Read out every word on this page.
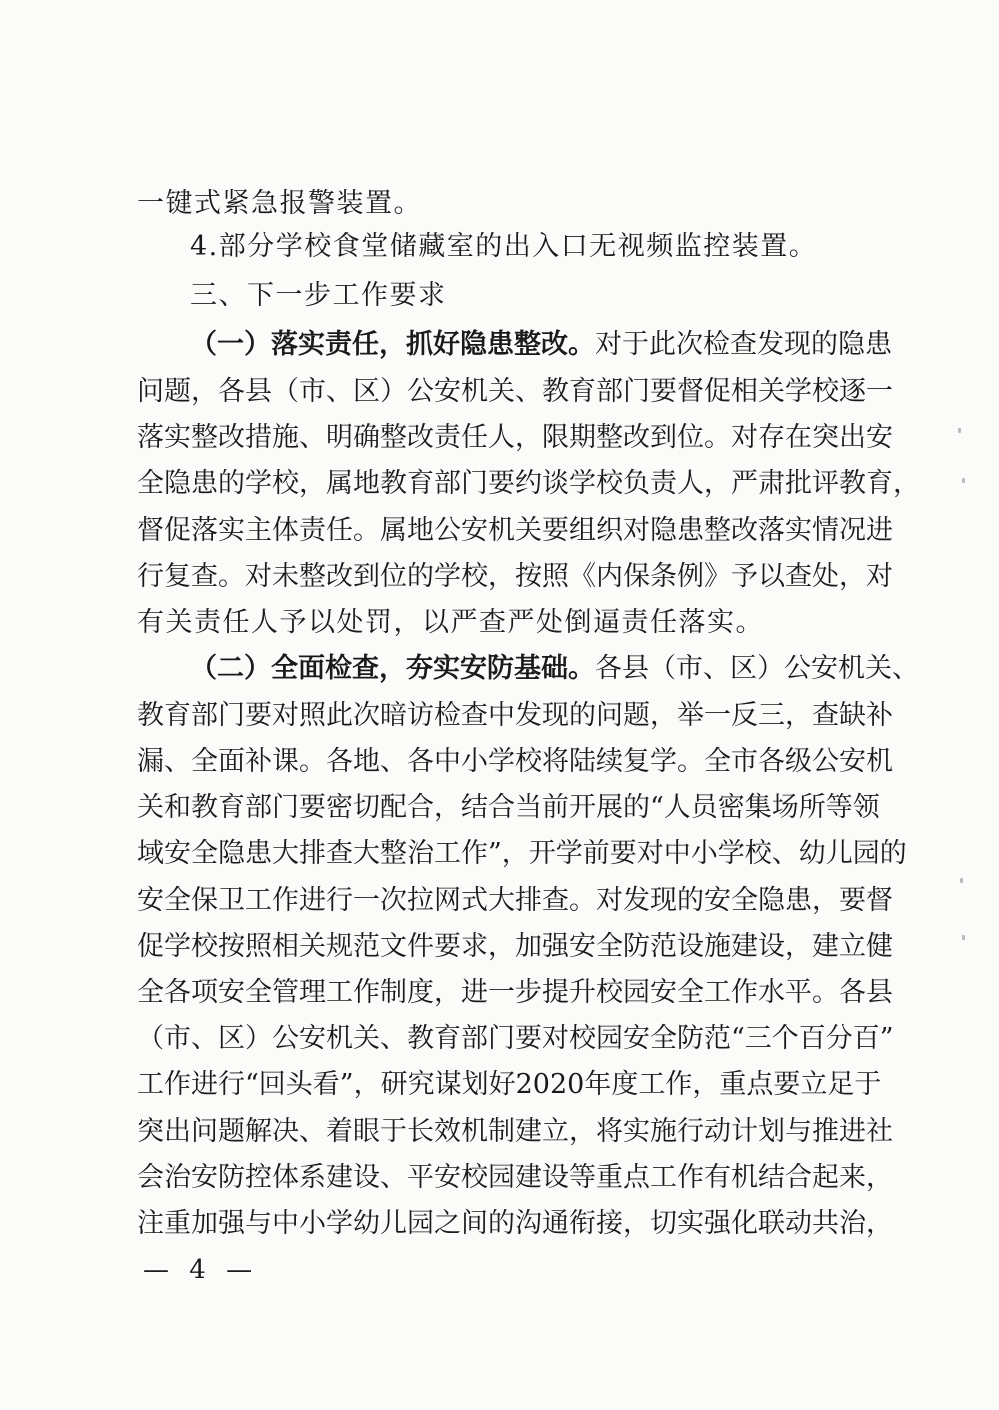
一键式紧急报警装置。
4.部分学校食堂储藏室的出入口无视频监控装置。
三、下一步工作要求
（一）落实责任，抓好隐患整改。对于此次检查发现的隐患
问题，各县（市、区）公安机关、教育部门要督促相关学校逐一
落实整改措施、明确整改责任人，限期整改到位。对存在突出安
全隐患的学校，属地教育部门要约谈学校负责人，严肃批评教育，
督促落实主体责任。属地公安机关要组织对隐患整改落实情况进
行复查。对未整改到位的学校，按照《内保条例》予以查处，对
有关责任人予以处罚，以严查严处倒逼责任落实。
（二）全面检查，夯实安防基础。各县（市、区）公安机关、
教育部门要对照此次暗访检查中发现的问题，举一反三，查缺补
漏、全面补课。各地、各中小学校将陆续复学。全市各级公安机
关和教育部门要密切配合，结合当前开展的“人员密集场所等领
域安全隐患大排查大整治工作”，开学前要对中小学校、幼儿园的
安全保卫工作进行一次拉网式大排查。对发现的安全隐患，要督
促学校按照相关规范文件要求，加强安全防范设施建设，建立健
全各项安全管理工作制度，进一步提升校园安全工作水平。各县
（市、区）公安机关、教育部门要对校园安全防范“三个百分百”
工作进行“回头看”，研究谋划好2020年度工作，重点要立足于
突出问题解决、着眼于长效机制建立，将实施行动计划与推进社
会治安防控体系建设、平安校园建设等重点工作有机结合起来，
注重加强与中小学幼儿园之间的沟通衔接，切实强化联动共治，
— 4 —
